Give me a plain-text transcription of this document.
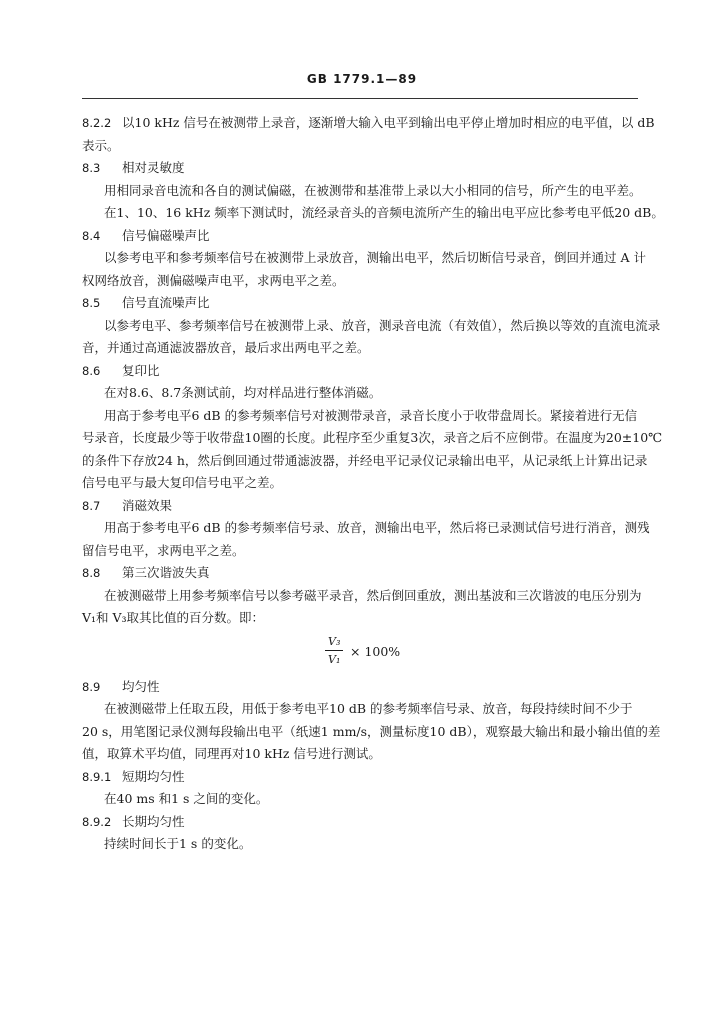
GB 1779.1—89
8.2.2 以10 kHz 信号在被测带上录音，逐渐增大输入电平到输出电平停止增加时相应的电平值，以 dB
表示。
8.3 相对灵敏度
用相同录音电流和各自的测试偏磁，在被测带和基准带上录以大小相同的信号，所产生的电平差。
在1、10、16 kHz 频率下测试时，流经录音头的音频电流所产生的输出电平应比参考电平低20 dB。
8.4 信号偏磁噪声比
以参考电平和参考频率信号在被测带上录放音，测输出电平，然后切断信号录音，倒回并通过 A 计
权网络放音，测偏磁噪声电平，求两电平之差。
8.5 信号直流噪声比
以参考电平、参考频率信号在被测带上录、放音，测录音电流（有效值），然后换以等效的直流电流录
音，并通过高通滤波器放音，最后求出两电平之差。
8.6 复印比
在对8.6、8.7条测试前，均对样品进行整体消磁。
用高于参考电平6 dB 的参考频率信号对被测带录音，录音长度小于收带盘周长。紧接着进行无信
号录音，长度最少等于收带盘10圈的长度。此程序至少重复3次，录音之后不应倒带。在温度为20±10℃
的条件下存放24 h，然后倒回通过带通滤波器，并经电平记录仪记录输出电平，从记录纸上计算出记录
信号电平与最大复印信号电平之差。
8.7 消磁效果
用高于参考电平6 dB 的参考频率信号录、放音，测输出电平，然后将已录测试信号进行消音，测残
留信号电平，求两电平之差。
8.8 第三次谐波失真
在被测磁带上用参考频率信号以参考磁平录音，然后倒回重放，测出基波和三次谐波的电压分别为
V₁和 V₃取其比值的百分数。即：
$\frac{\text{V₃}}{\text{V₁}} \times 100\%$
8.9 均匀性
在被测磁带上任取五段，用低于参考电平10 dB 的参考频率信号录、放音，每段持续时间不少于
20 s，用笔图记录仪测每段输出电平（纸速1 mm/s，测量标度10 dB），观察最大输出和最小输出值的差
值，取算术平均值，同理再对10 kHz 信号进行测试。
8.9.1 短期均匀性
在40 ms 和1 s 之间的变化。
8.9.2 长期均匀性
持续时间长于1 s 的变化。
